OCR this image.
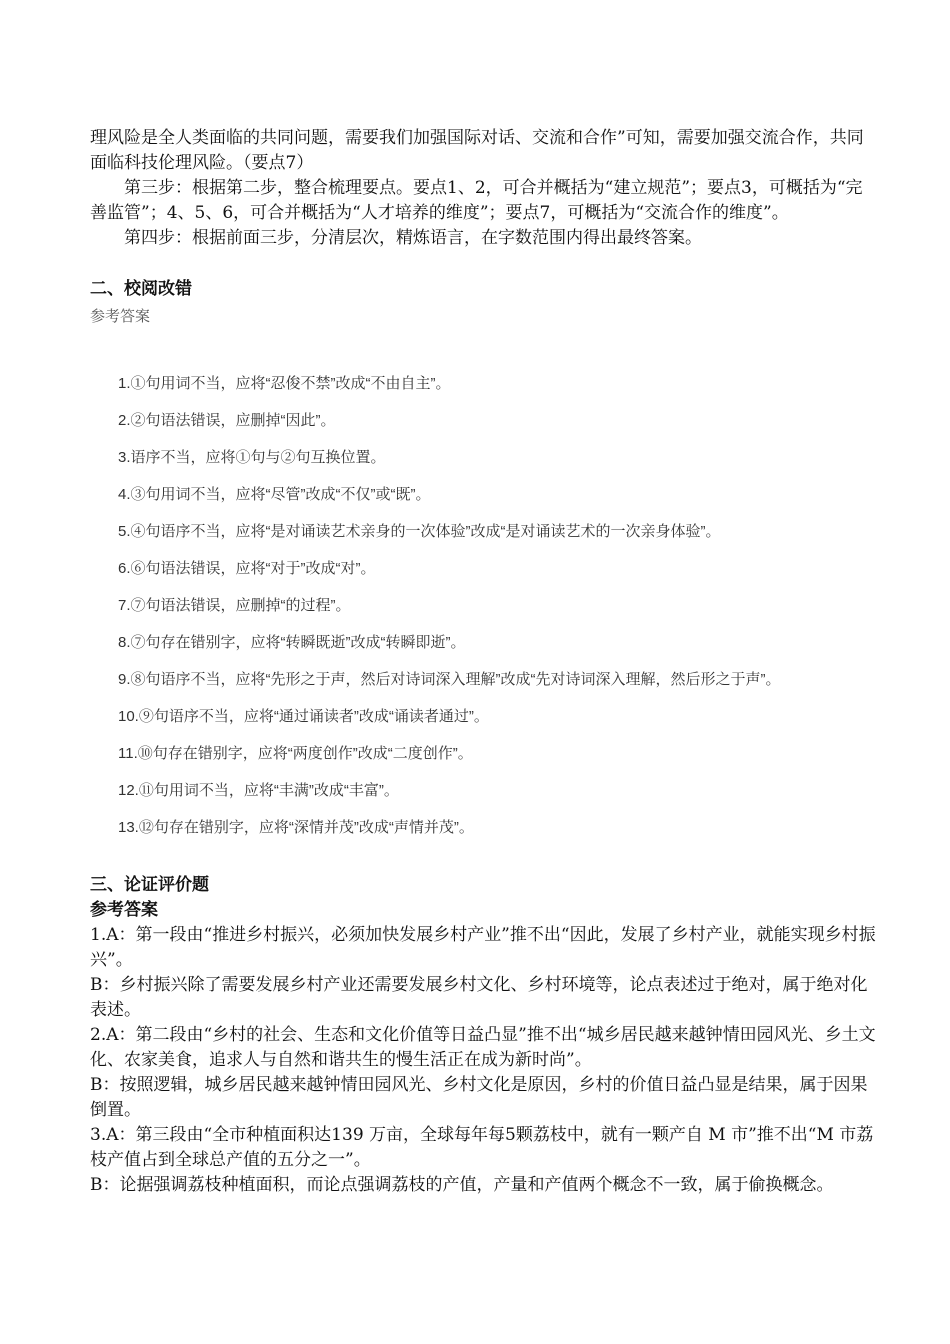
理风险是全人类面临的共同问题，需要我们加强国际对话、交流和合作”可知，需要加强交流合作，共同面临科技伦理风险。（要点7）

第三步：根据第二步，整合梳理要点。要点1、2，可合并概括为“建立规范”；要点3，可概括为“完善监管”；4、5、6，可合并概括为“人才培养的维度”；要点7，可概括为“交流合作的维度”。

第四步：根据前面三步，分清层次，精炼语言，在字数范围内得出最终答案。

二、校阅改错

参考答案

1.①句用词不当，应将“忍俊不禁”改成“不由自主”。

2.②句语法错误，应删掉“因此”。

3.语序不当，应将①句与②句互换位置。

4.③句用词不当，应将“尽管”改成“不仅”或“既”。

5.④句语序不当，应将“是对诵读艺术亲身的一次体验”改成“是对诵读艺术的一次亲身体验”。

6.⑥句语法错误，应将“对于”改成“对”。

7.⑦句语法错误，应删掉“的过程”。

8.⑦句存在错别字，应将“转瞬既逝”改成“转瞬即逝”。

9.⑧句语序不当，应将“先形之于声，然后对诗词深入理解”改成“先对诗词深入理解，然后形之于声”。

10.⑨句语序不当，应将“通过诵读者”改成“诵读者通过”。

11.⑩句存在错别字，应将“两度创作”改成“二度创作”。

12.⑪句用词不当，应将“丰满”改成“丰富”。

13.⑫句存在错别字，应将“深情并茂”改成“声情并茂”。

三、论证评价题

参考答案

1.A：第一段由“推进乡村振兴，必须加快发展乡村产业”推不出“因此，发展了乡村产业，就能实现乡村振兴”。

B：乡村振兴除了需要发展乡村产业还需要发展乡村文化、乡村环境等，论点表述过于绝对，属于绝对化表述。

2.A：第二段由“乡村的社会、生态和文化价值等日益凸显”推不出“城乡居民越来越钟情田园风光、乡土文化、农家美食，追求人与自然和谐共生的慢生活正在成为新时尚”。

B：按照逻辑，城乡居民越来越钟情田园风光、乡村文化是原因，乡村的价值日益凸显是结果，属于因果倒置。

3.A：第三段由“全市种植面积达139 万亩，全球每年每5颗荔枝中，就有一颗产自 M 市”推不出“M 市荔枝产值占到全球总产值的五分之一”。

B：论据强调荔枝种植面积，而论点强调荔枝的产值，产量和产值两个概念不一致，属于偷换概念。
